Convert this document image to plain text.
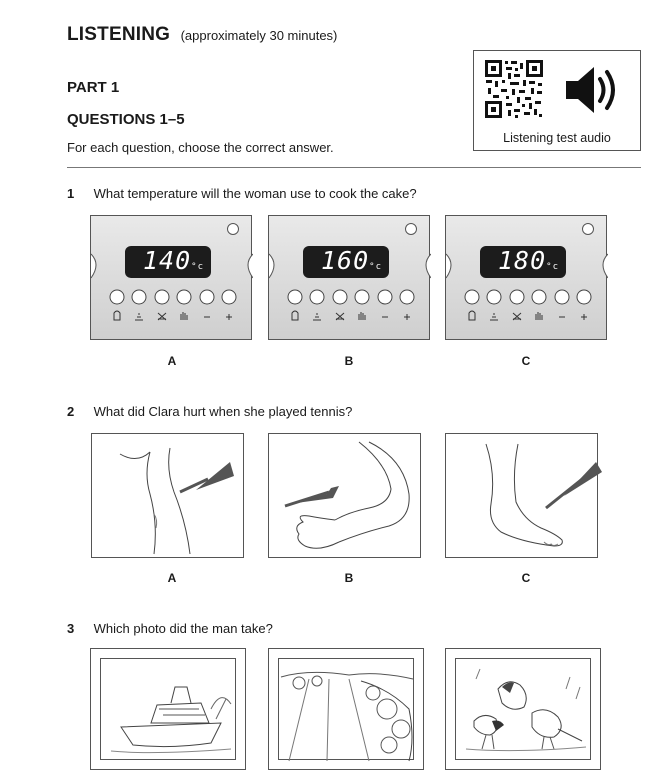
LISTENING (approximately 30 minutes)
PART 1
QUESTIONS 1–5
For each question, choose the correct answer.
Listening test audio
1 What temperature will the woman use to cook the cake?
140°c	160°c	180°c
A	B	C
2 What did Clara hurt when she played tennis?
A	B	C
3 Which photo did the man take?
